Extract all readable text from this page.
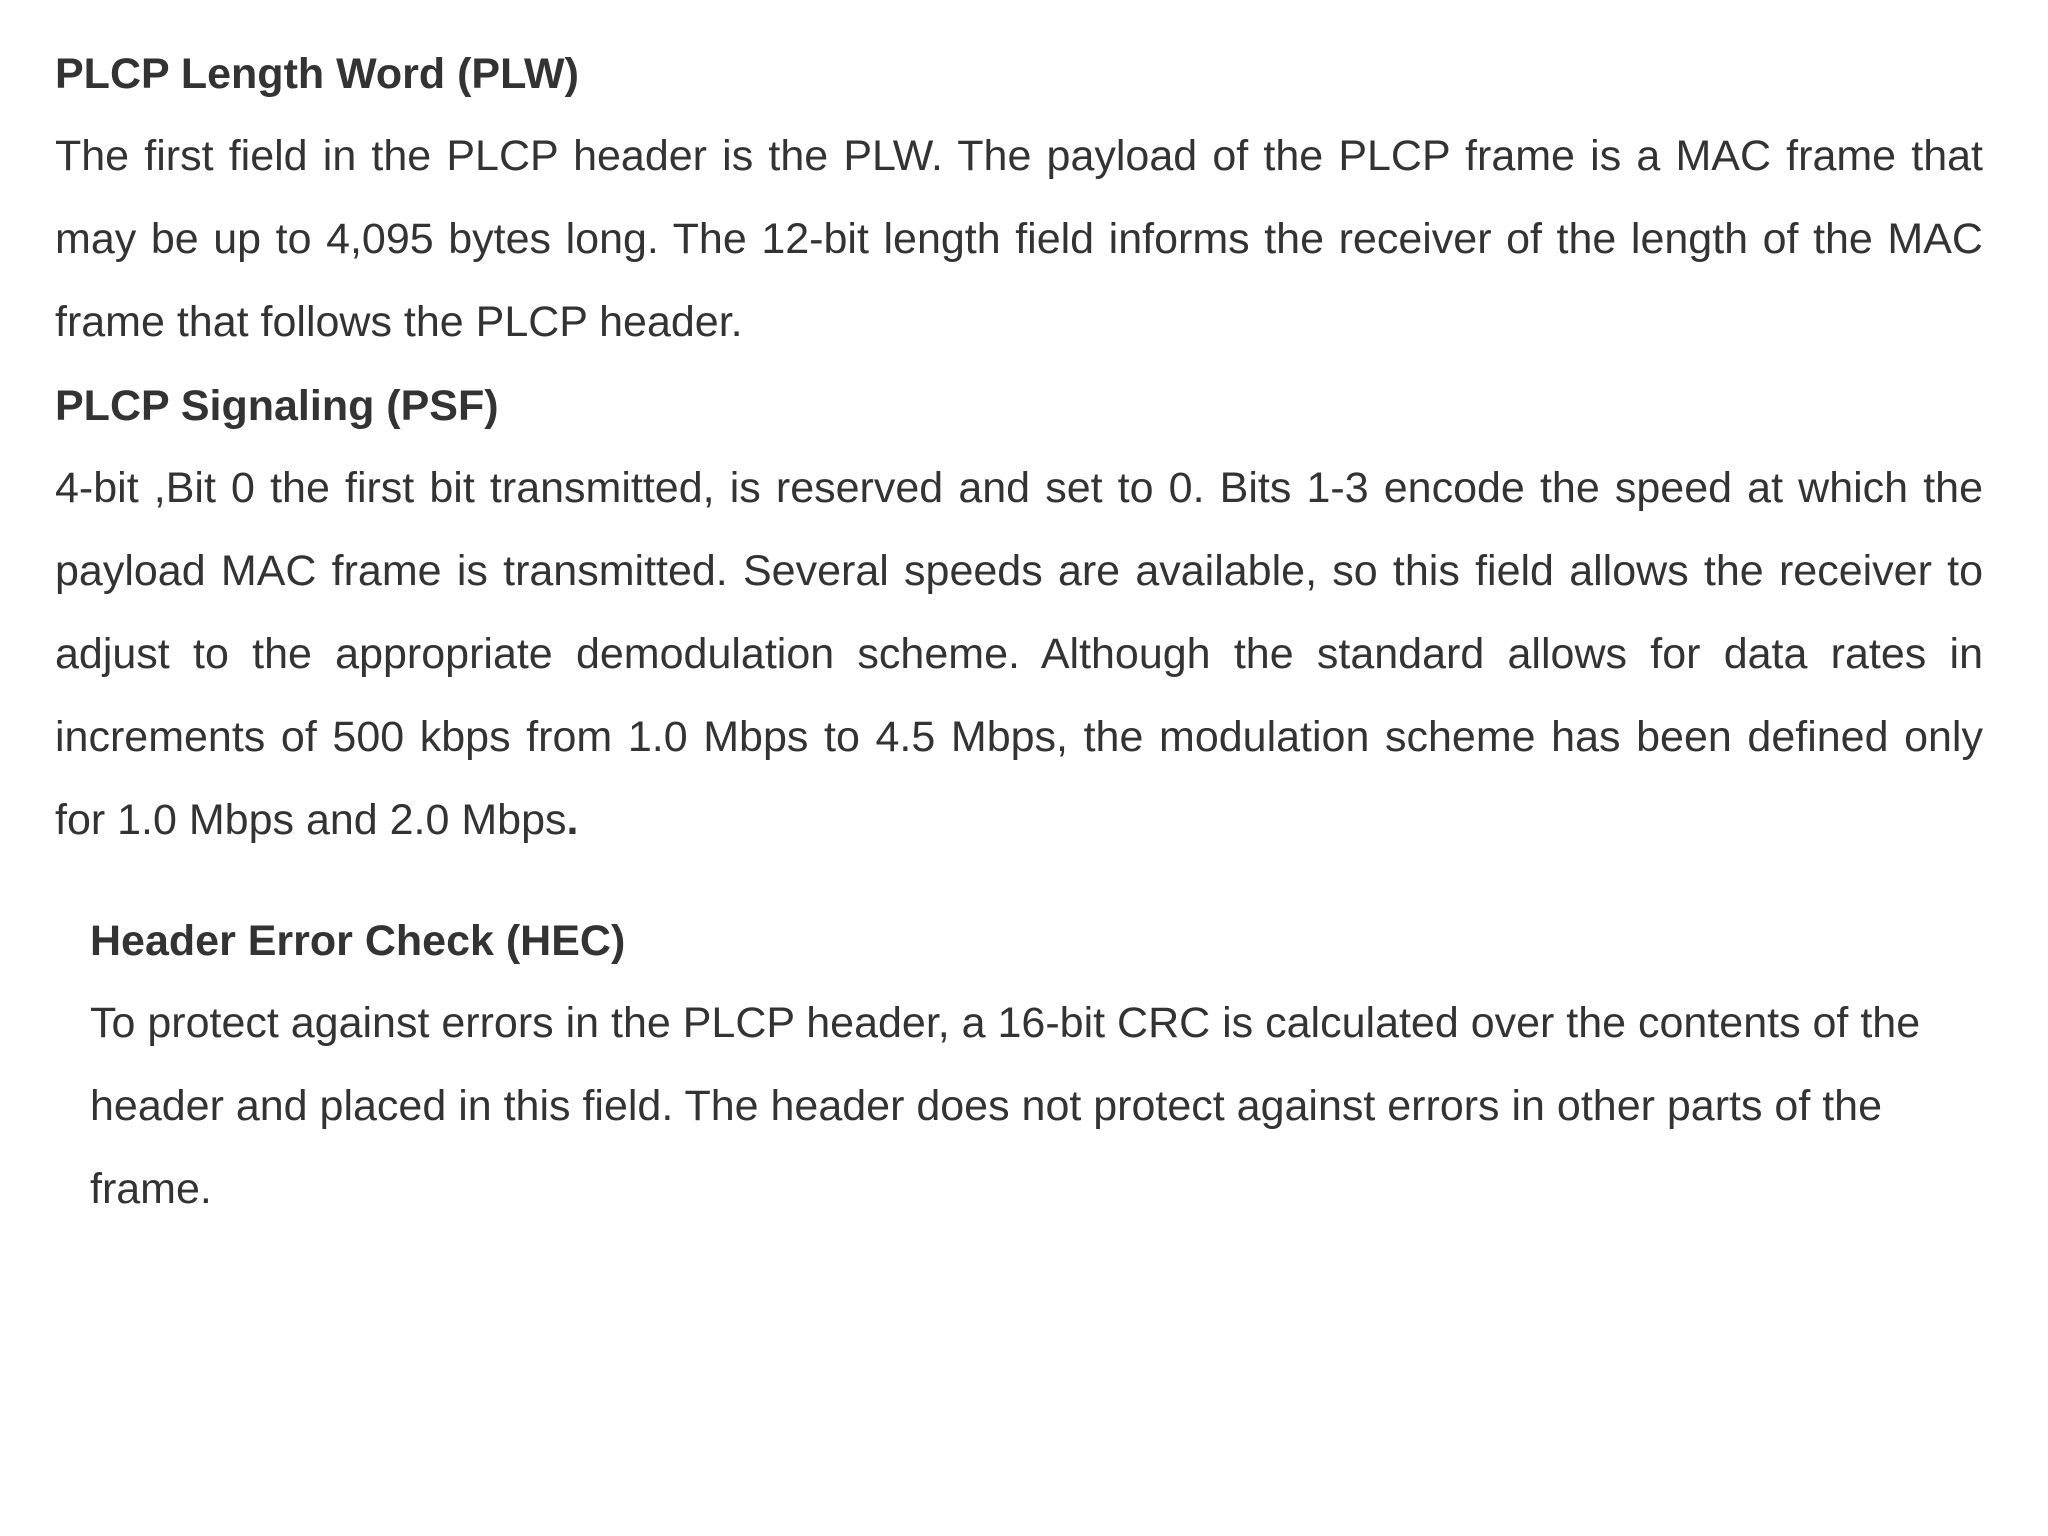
PLCP Length Word (PLW)

The first field in the PLCP header is the PLW. The payload of the PLCP frame is a MAC frame that may be up to 4,095 bytes long. The 12-bit length field informs the receiver of the length of the MAC frame that follows the PLCP header.

PLCP Signaling (PSF)

4-bit ,Bit 0 the first bit transmitted, is reserved and set to 0. Bits 1-3 encode the speed at which the payload MAC frame is transmitted. Several speeds are available, so this field allows the receiver to adjust to the appropriate demodulation scheme. Although the standard allows for data rates in increments of 500 kbps from 1.0 Mbps to 4.5 Mbps, the modulation scheme has been defined only for 1.0 Mbps and 2.0 Mbps.

Header Error Check (HEC)

To protect against errors in the PLCP header, a 16-bit CRC is calculated over the contents of the header and placed in this field. The header does not protect against errors in other parts of the frame.
